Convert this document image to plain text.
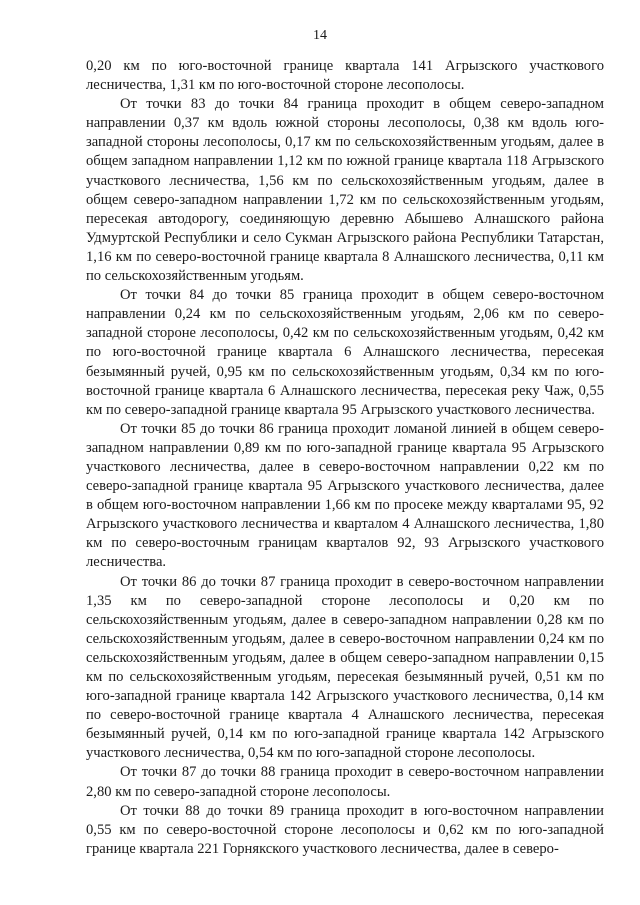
14

0,20 км по юго-восточной границе квартала 141 Агрызского участкового лесничества, 1,31 км по юго-восточной стороне лесополосы.

От точки 83 до точки 84 граница проходит в общем северо-западном направлении 0,37 км вдоль южной стороны лесополосы, 0,38 км вдоль юго-западной стороны лесополосы, 0,17 км по сельскохозяйственным угодьям, далее в общем западном направлении 1,12 км по южной границе квартала 118 Агрызского участкового лесничества, 1,56 км по сельскохозяйственным угодьям, далее в общем северо-западном направлении 1,72 км по сельскохозяйственным угодьям, пересекая автодорогу, соединяющую деревню Абышево Алнашского района Удмуртской Республики и село Сукман Агрызского района Республики Татарстан, 1,16 км по северо-восточной границе квартала 8 Алнашского лесничества, 0,11 км по сельскохозяйственным угодьям.

От точки 84 до точки 85 граница проходит в общем северо-восточном направлении 0,24 км по сельскохозяйственным угодьям, 2,06 км по северо-западной стороне лесополосы, 0,42 км по сельскохозяйственным угодьям, 0,42 км по юго-восточной границе квартала 6 Алнашского лесничества, пересекая безымянный ручей, 0,95 км по сельскохозяйственным угодьям, 0,34 км по юго-восточной границе квартала 6 Алнашского лесничества, пересекая реку Чаж, 0,55 км по северо-западной границе квартала 95 Агрызского участкового лесничества.

От точки 85 до точки 86 граница проходит ломаной линией в общем северо-западном направлении 0,89 км по юго-западной границе квартала 95 Агрызского участкового лесничества, далее в северо-восточном направлении 0,22 км по северо-западной границе квартала 95 Агрызского участкового лесничества, далее в общем юго-восточном направлении 1,66 км по просеке между кварталами 95, 92 Агрызского участкового лесничества и кварталом 4 Алнашского лесничества, 1,80 км по северо-восточным границам кварталов 92, 93 Агрызского участкового лесничества.

От точки 86 до точки 87 граница проходит в северо-восточном направлении 1,35 км по северо-западной стороне лесополосы и 0,20 км по сельскохозяйственным угодьям, далее в северо-западном направлении 0,28 км по сельскохозяйственным угодьям, далее в северо-восточном направлении 0,24 км по сельскохозяйственным угодьям, далее в общем северо-западном направлении 0,15 км по сельскохозяйственным угодьям, пересекая безымянный ручей, 0,51 км по юго-западной границе квартала 142 Агрызского участкового лесничества, 0,14 км по северо-восточной границе квартала 4 Алнашского лесничества, пересекая безымянный ручей, 0,14 км по юго-западной границе квартала 142 Агрызского участкового лесничества, 0,54 км по юго-западной стороне лесополосы.

От точки 87 до точки 88 граница проходит в северо-восточном направлении 2,80 км по северо-западной стороне лесополосы.

От точки 88 до точки 89 граница проходит в юго-восточном направлении 0,55 км по северо-восточной стороне лесополосы и 0,62 км по юго-западной границе квартала 221 Горнякского участкового лесничества, далее в северо-
